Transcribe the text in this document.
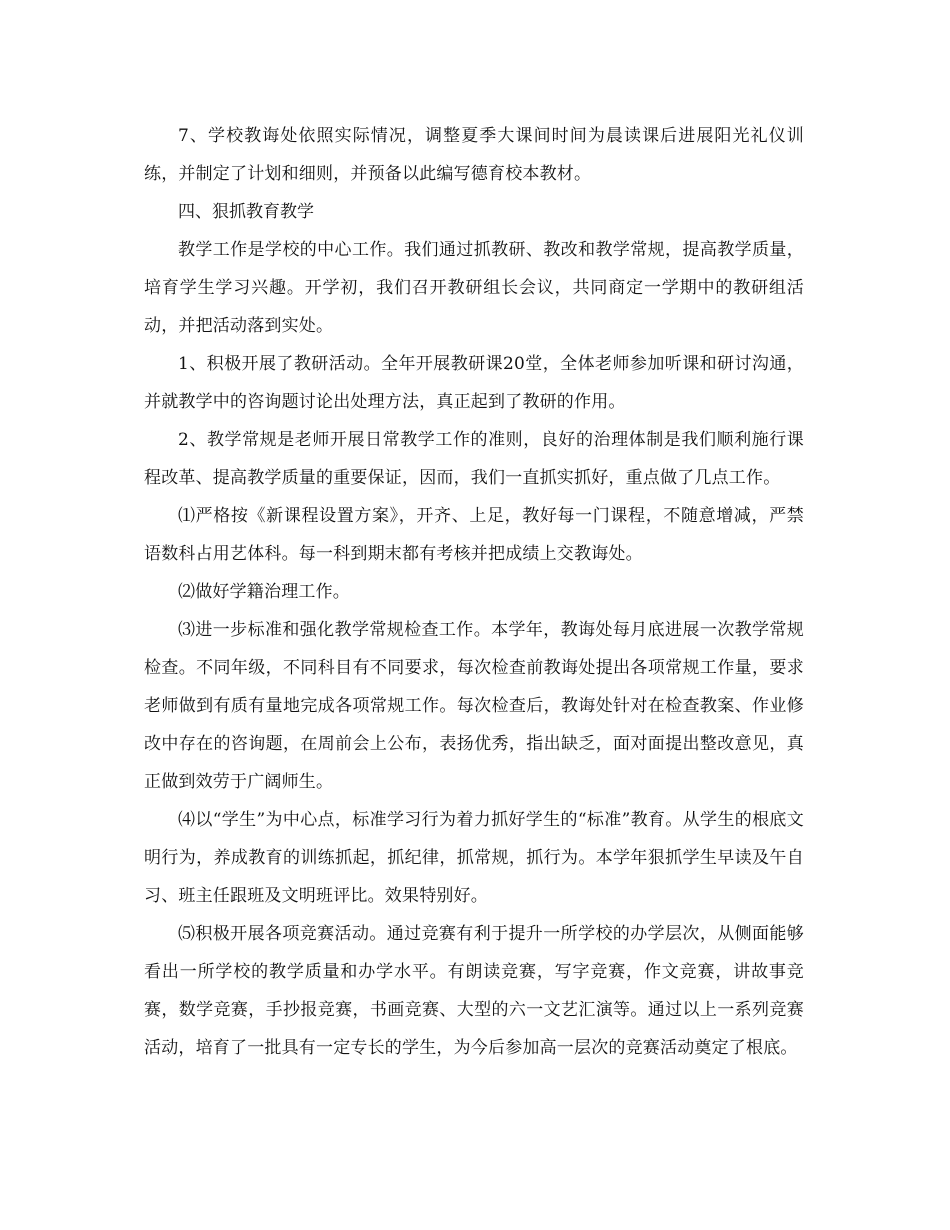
7、学校教诲处依照实际情况，调整夏季大课间时间为晨读课后进展阳光礼仪训练，并制定了计划和细则，并预备以此编写德育校本教材。

四、狠抓教育教学

教学工作是学校的中心工作。我们通过抓教研、教改和教学常规，提高教学质量，培育学生学习兴趣。开学初，我们召开教研组长会议，共同商定一学期中的教研组活动，并把活动落到实处。

1、积极开展了教研活动。全年开展教研课20堂，全体老师参加听课和研讨沟通，并就教学中的咨询题讨论出处理方法，真正起到了教研的作用。

2、教学常规是老师开展日常教学工作的准则，良好的治理体制是我们顺利施行课程改革、提高教学质量的重要保证，因而，我们一直抓实抓好，重点做了几点工作。

⑴严格按《新课程设置方案》，开齐、上足，教好每一门课程，不随意增减，严禁语数科占用艺体科。每一科到期末都有考核并把成绩上交教诲处。

⑵做好学籍治理工作。

⑶进一步标准和强化教学常规检查工作。本学年，教诲处每月底进展一次教学常规检查。不同年级，不同科目有不同要求，每次检查前教诲处提出各项常规工作量，要求老师做到有质有量地完成各项常规工作。每次检查后，教诲处针对在检查教案、作业修改中存在的咨询题，在周前会上公布，表扬优秀，指出缺乏，面对面提出整改意见，真正做到效劳于广阔师生。

⑷以“学生”为中心点，标准学习行为着力抓好学生的“标准”教育。从学生的根底文明行为，养成教育的训练抓起，抓纪律，抓常规，抓行为。本学年狠抓学生早读及午自习、班主任跟班及文明班评比。效果特别好。

⑸积极开展各项竞赛活动。通过竞赛有利于提升一所学校的办学层次，从侧面能够看出一所学校的教学质量和办学水平。有朗读竞赛，写字竞赛，作文竞赛，讲故事竞赛，数学竞赛，手抄报竞赛，书画竞赛、大型的六一文艺汇演等。通过以上一系列竞赛活动，培育了一批具有一定专长的学生，为今后参加高一层次的竞赛活动奠定了根底。
